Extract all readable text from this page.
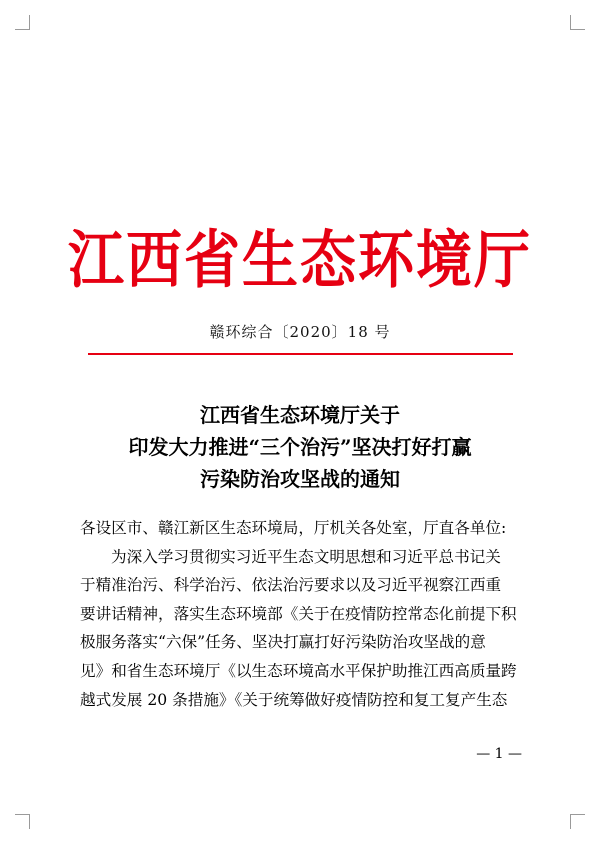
江西省生态环境厅
赣环综合〔2020〕18 号
江西省生态环境厅关于
印发大力推进“三个治污”坚决打好打赢
污染防治攻坚战的通知
各设区市、赣江新区生态环境局，厅机关各处室，厅直各单位:
为深入学习贯彻实习近平生态文明思想和习近平总书记关
于精准治污、科学治污、依法治污要求以及习近平视察江西重
要讲话精神，落实生态环境部《关于在疫情防控常态化前提下积
极服务落实“六保”任务、坚决打赢打好污染防治攻坚战的意
见》和省生态环境厅《以生态环境高水平保护助推江西高质量跨
越式发展 20 条措施》《关于统筹做好疫情防控和复工复产生态
— 1 —
